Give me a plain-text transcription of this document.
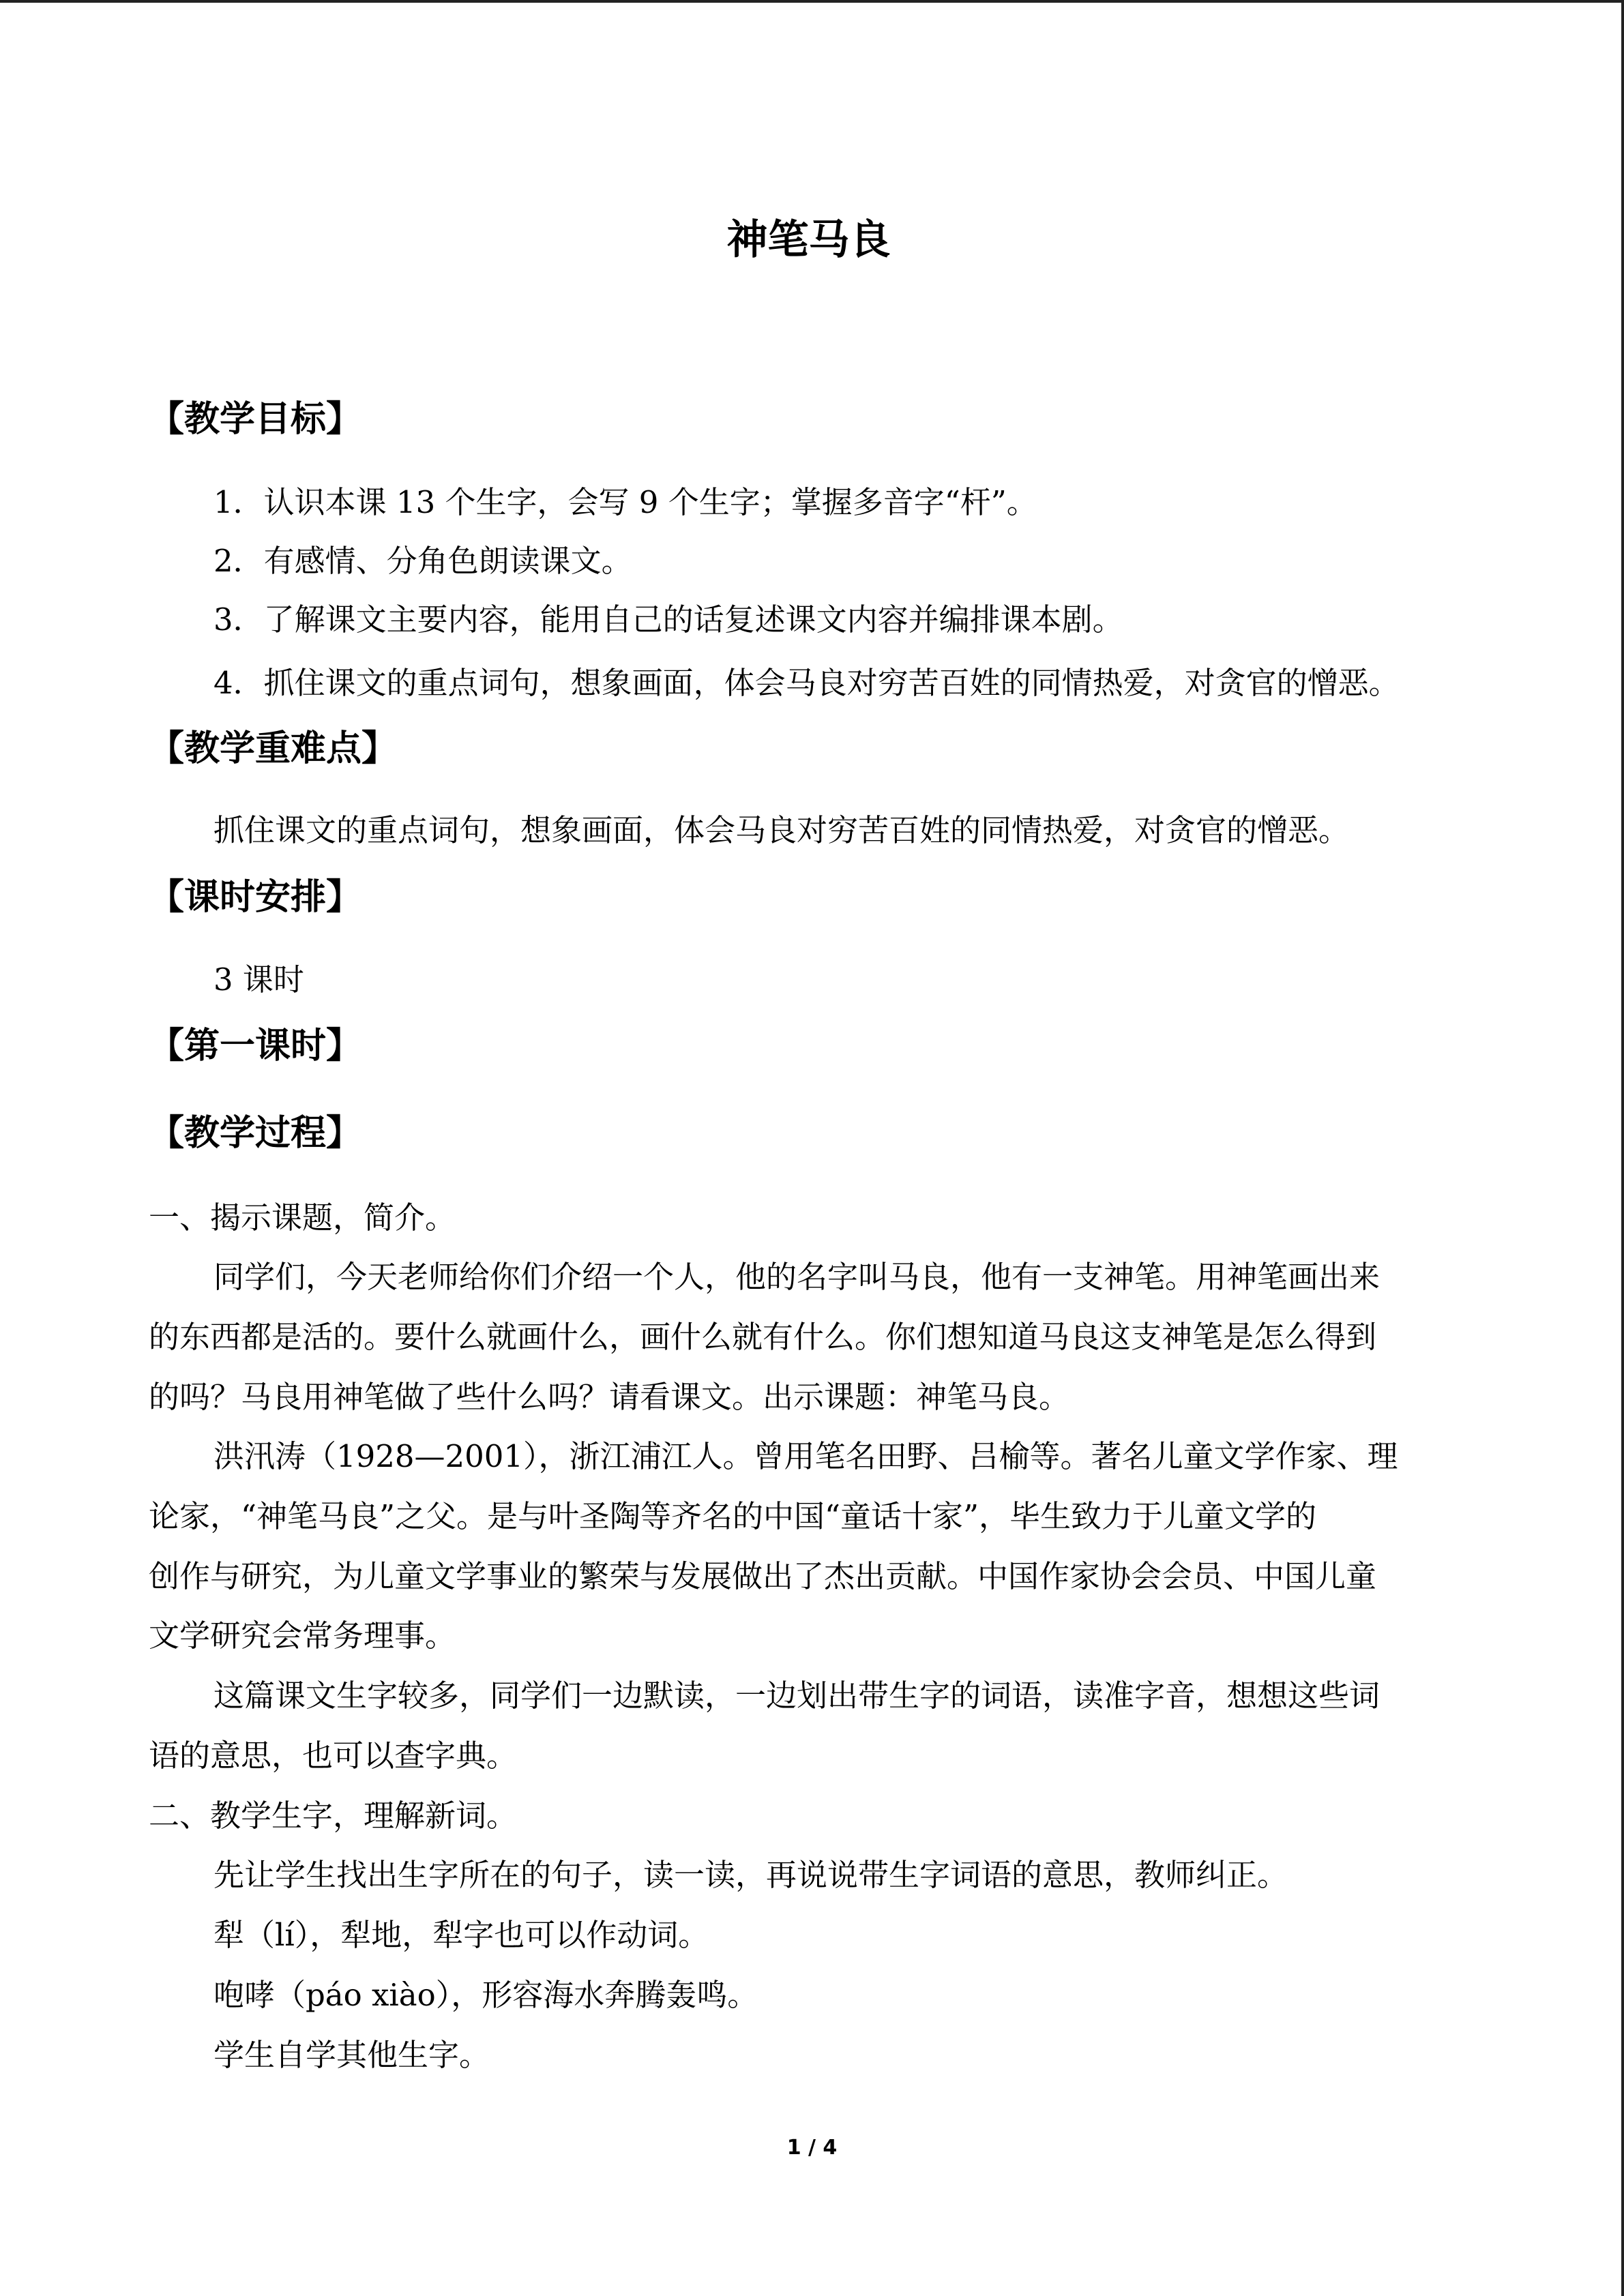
神笔马良
【教学目标】
1．认识本课 13 个生字，会写 9 个生字；掌握多音字“杆”。
2．有感情、分角色朗读课文。
3．了解课文主要内容，能用自己的话复述课文内容并编排课本剧。
4．抓住课文的重点词句，想象画面，体会马良对穷苦百姓的同情热爱，对贪官的憎恶。
【教学重难点】
抓住课文的重点词句，想象画面，体会马良对穷苦百姓的同情热爱，对贪官的憎恶。
【课时安排】
3 课时
【第一课时】
【教学过程】
一、揭示课题，简介。
同学们，今天老师给你们介绍一个人，他的名字叫马良，他有一支神笔。用神笔画出来
的东西都是活的。要什么就画什么，画什么就有什么。你们想知道马良这支神笔是怎么得到
的吗？马良用神笔做了些什么吗？请看课文。出示课题：神笔马良。
洪汛涛（1928—2001），浙江浦江人。曾用笔名田野、吕榆等。著名儿童文学作家、理
论家，“神笔马良”之父。是与叶圣陶等齐名的中国“童话十家”，毕生致力于儿童文学的
创作与研究，为儿童文学事业的繁荣与发展做出了杰出贡献。中国作家协会会员、中国儿童
文学研究会常务理事。
这篇课文生字较多，同学们一边默读，一边划出带生字的词语，读准字音，想想这些词
语的意思，也可以查字典。
二、教学生字，理解新词。
先让学生找出生字所在的句子，读一读，再说说带生字词语的意思，教师纠正。
犁（lí），犁地，犁字也可以作动词。
咆哮（páo xiào），形容海水奔腾轰鸣。
学生自学其他生字。
1 / 4
